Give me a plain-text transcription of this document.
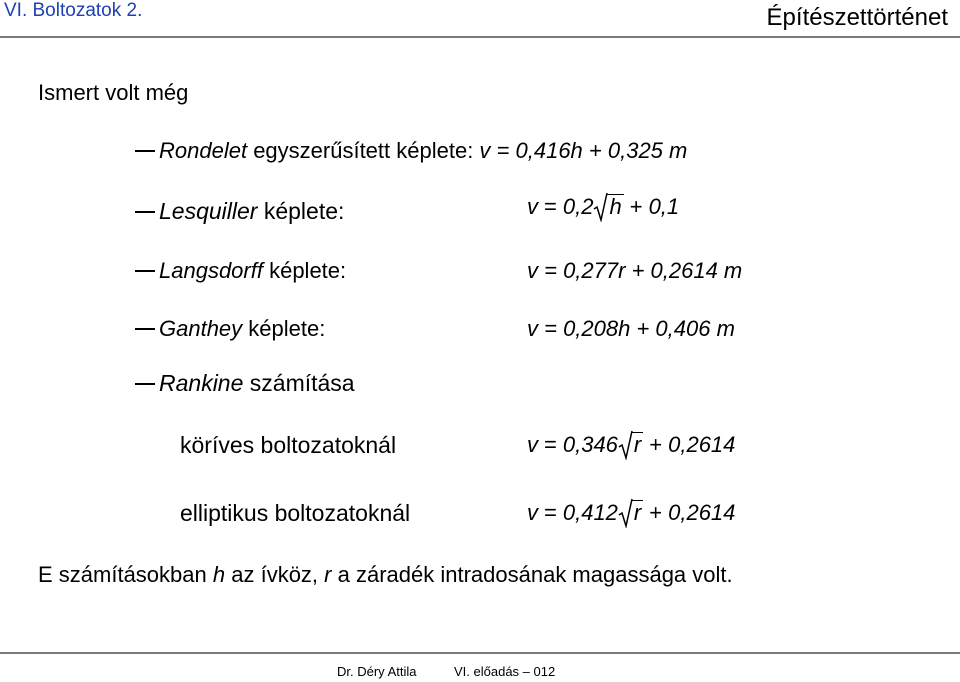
VI. Boltozatok 2.	Építészettörténet
Ismert volt még
Rondelet egyszerűsített képlete: v = 0,416h + 0,325 m
Lesquiller képlete:	v = 0,2 h + 0,1
Langsdorff képlete:	v = 0,277r + 0,2614 m
Ganthey képlete:	v = 0,208h + 0,406 m
Rankine számítása
köríves boltozatoknál	v = 0,346 r + 0,2614
elliptikus boltozatoknál	v = 0,412 r + 0,2614
E számításokban h az ívköz, r a záradék intradosának magassága volt.
Dr. Déry Attila	VI. előadás – 012
